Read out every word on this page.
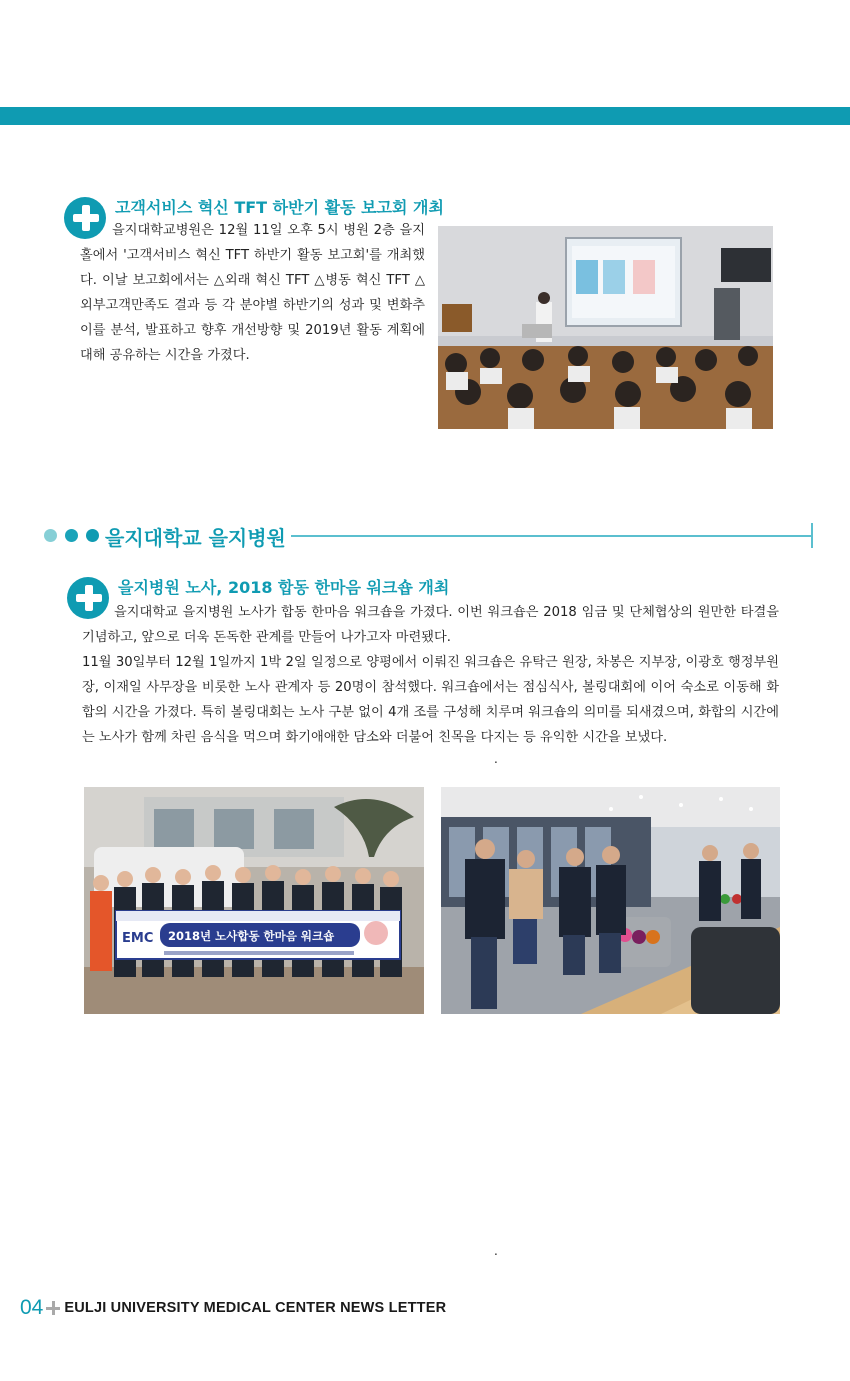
고객서비스 혁신 TFT 하반기 활동 보고회 개최

을지대학교병원은 12월 11일 오후 5시 병원 2층 을지홀에서 '고객서비스 혁신 TFT 하반기 활동 보고회'를 개최했다. 이날 보고회에서는 △외래 혁신 TFT △병동 혁신 TFT △외부고객만족도 결과 등 각 분야별 하반기의 성과 및 변화추이를 분석, 발표하고 향후 개선방향 및 2019년 활동 계획에 대해 공유하는 시간을 가졌다.

을지대학교 을지병원
을지병원 노사, 2018 합동 한마음 워크숍 개최

을지대학교 을지병원 노사가 합동 한마음 워크숍을 가졌다. 이번 워크숍은 2018 임금 및 단체협상의 원만한 타결을 기념하고, 앞으로 더욱 돈독한 관계를 만들어 나가고자 마련됐다.

11월 30일부터 12월 1일까지 1박 2일 일정으로 양평에서 이뤄진 워크숍은 유탁근 원장, 차봉은 지부장, 이광호 행정부원장, 이재일 사무장을 비롯한 노사 관계자 등 20명이 참석했다. 워크숍에서는 점심식사, 볼링대회에 이어 숙소로 이동해 화합의 시간을 가졌다. 특히 볼링대회는 노사 구분 없이 4개 조를 구성해 치루며 워크숍의 의미를 되새겼으며, 화합의 시간에는 노사가 함께 차린 음식을 먹으며 화기애애한 담소와 더불어 친목을 다지는 등 유익한 시간을 보냈다.

.
EMC 2018년 노사합동 한마음 워크숍
.
04 EULJI UNIVERSITY MEDICAL CENTER NEWS LETTER
